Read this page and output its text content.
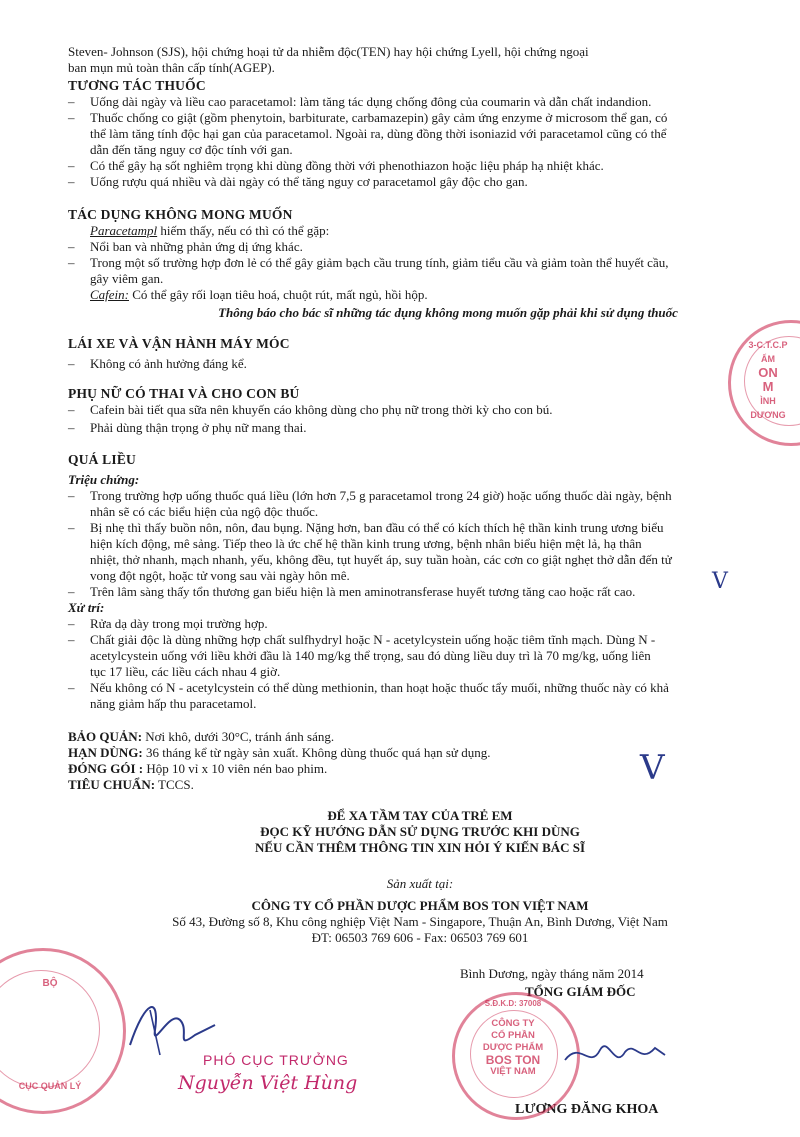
Steven- Johnson (SJS), hội chứng hoại tử da nhiễm độc(TEN) hay hội chứng Lyell, hội chứng ngoại
ban mụn mủ toàn thân cấp tính(AGEP).
TƯƠNG TÁC THUỐC
– Uống dài ngày và liều cao paracetamol: làm tăng tác dụng chống đông của coumarin và dẫn chất indandion.
– Thuốc chống co giật (gồm phenytoin, barbiturate, carbamazepin) gây cảm ứng enzyme ở microsom thể gan, có
thể làm tăng tính độc hại gan của paracetamol. Ngoài ra, dùng đồng thời isoniazid với paracetamol cũng có thể
dẫn đến tăng nguy cơ độc tính với gan.
– Có thể gây hạ sốt nghiêm trọng khi dùng đồng thời với phenothiazon hoặc liệu pháp hạ nhiệt khác.
– Uống rượu quá nhiều và dài ngày có thể tăng nguy cơ paracetamol gây độc cho gan.
TÁC DỤNG KHÔNG MONG MUỐN
Paracetampl hiếm thấy, nếu có thì có thể gặp:
– Nổi ban và những phản ứng dị ứng khác.
– Trong một số trường hợp đơn lẻ có thể gây giảm bạch cầu trung tính, giảm tiểu cầu và giảm toàn thể huyết cầu,
gây viêm gan.
Cafein: Có thể gây rối loạn tiêu hoá, chuột rút, mất ngủ, hồi hộp.
Thông báo cho bác sĩ những tác dụng không mong muốn gặp phải khi sử dụng thuốc
LÁI XE VÀ VẬN HÀNH MÁY MÓC
– Không có ảnh hưởng đáng kể.
PHỤ NỮ CÓ THAI VÀ CHO CON BÚ
– Cafein bài tiết qua sữa nên khuyến cáo không dùng cho phụ nữ trong thời kỳ cho con bú.
– Phải dùng thận trọng ở phụ nữ mang thai.
QUÁ LIỀU
Triệu chứng:
– Trong trường hợp uống thuốc quá liều (lớn hơn 7,5 g paracetamol trong 24 giờ) hoặc uống thuốc dài ngày, bệnh
nhân sẽ có các biểu hiện của ngộ độc thuốc.
– Bị nhẹ thì thấy buồn nôn, nôn, đau bụng. Nặng hơn, ban đầu có thể có kích thích hệ thần kinh trung ương biểu
hiện kích động, mê sảng. Tiếp theo là ức chế hệ thần kinh trung ương, bệnh nhân biểu hiện mệt lả, hạ thân
nhiệt, thở nhanh, mạch nhanh, yếu, không đều, tụt huyết áp, suy tuần hoàn, các cơn co giật nghẹt thở dẫn đến tử
vong đột ngột, hoặc tử vong sau vài ngày hôn mê.
– Trên lâm sàng thấy tổn thương gan biểu hiện là men aminotransferase huyết tương tăng cao hoặc rất cao.
Xử trí:
– Rửa dạ dày trong mọi trường hợp.
– Chất giải độc là dùng những hợp chất sulfhydryl hoặc N - acetylcystein uống hoặc tiêm tĩnh mạch. Dùng N -
acetylcystein uống với liều khởi đầu là 140 mg/kg thể trọng, sau đó dùng liều duy trì là 70 mg/kg, uống liên
tục 17 liều, các liều cách nhau 4 giờ.
– Nếu không có N - acetylcystein có thể dùng methionin, than hoạt hoặc thuốc tẩy muối, những thuốc này có khả
năng giảm hấp thu paracetamol.
BẢO QUẢN: Nơi khô, dưới 30°C, tránh ánh sáng.
HẠN DÙNG: 36 tháng kể từ ngày sản xuất. Không dùng thuốc quá hạn sử dụng.
ĐÓNG GÓI : Hộp 10 vỉ x 10 viên nén bao phim.
TIÊU CHUẨN: TCCS.
ĐỂ XA TẦM TAY CỦA TRẺ EM
ĐỌC KỸ HƯỚNG DẪN SỬ DỤNG TRƯỚC KHI DÙNG
NẾU CẦN THÊM THÔNG TIN XIN HỎI Ý KIẾN BÁC SĨ
Sản xuất tại:
CÔNG TY CỔ PHẦN DƯỢC PHẨM BOS TON VIỆT NAM
Số 43, Đường số 8, Khu công nghiệp Việt Nam - Singapore, Thuận An, Bình Dương, Việt Nam
ĐT: 06503 769 606 - Fax: 06503 769 601
Bình Dương, ngày tháng năm 2014
TỔNG GIÁM ĐỐC
LƯƠNG ĐĂNG KHOA
PHÓ CỤC TRƯỞNG
Nguyễn Việt Hùng
3-C.T.C.P
ẨM
ON
M
ÌNH DƯƠNG
BỘ
CỤC QUẢN LÝ
S.Đ.K.D: 37008
CÔNG TY
CỔ PHẦN
DƯỢC PHẨM
BOS TON
VIỆT NAM
V
V
